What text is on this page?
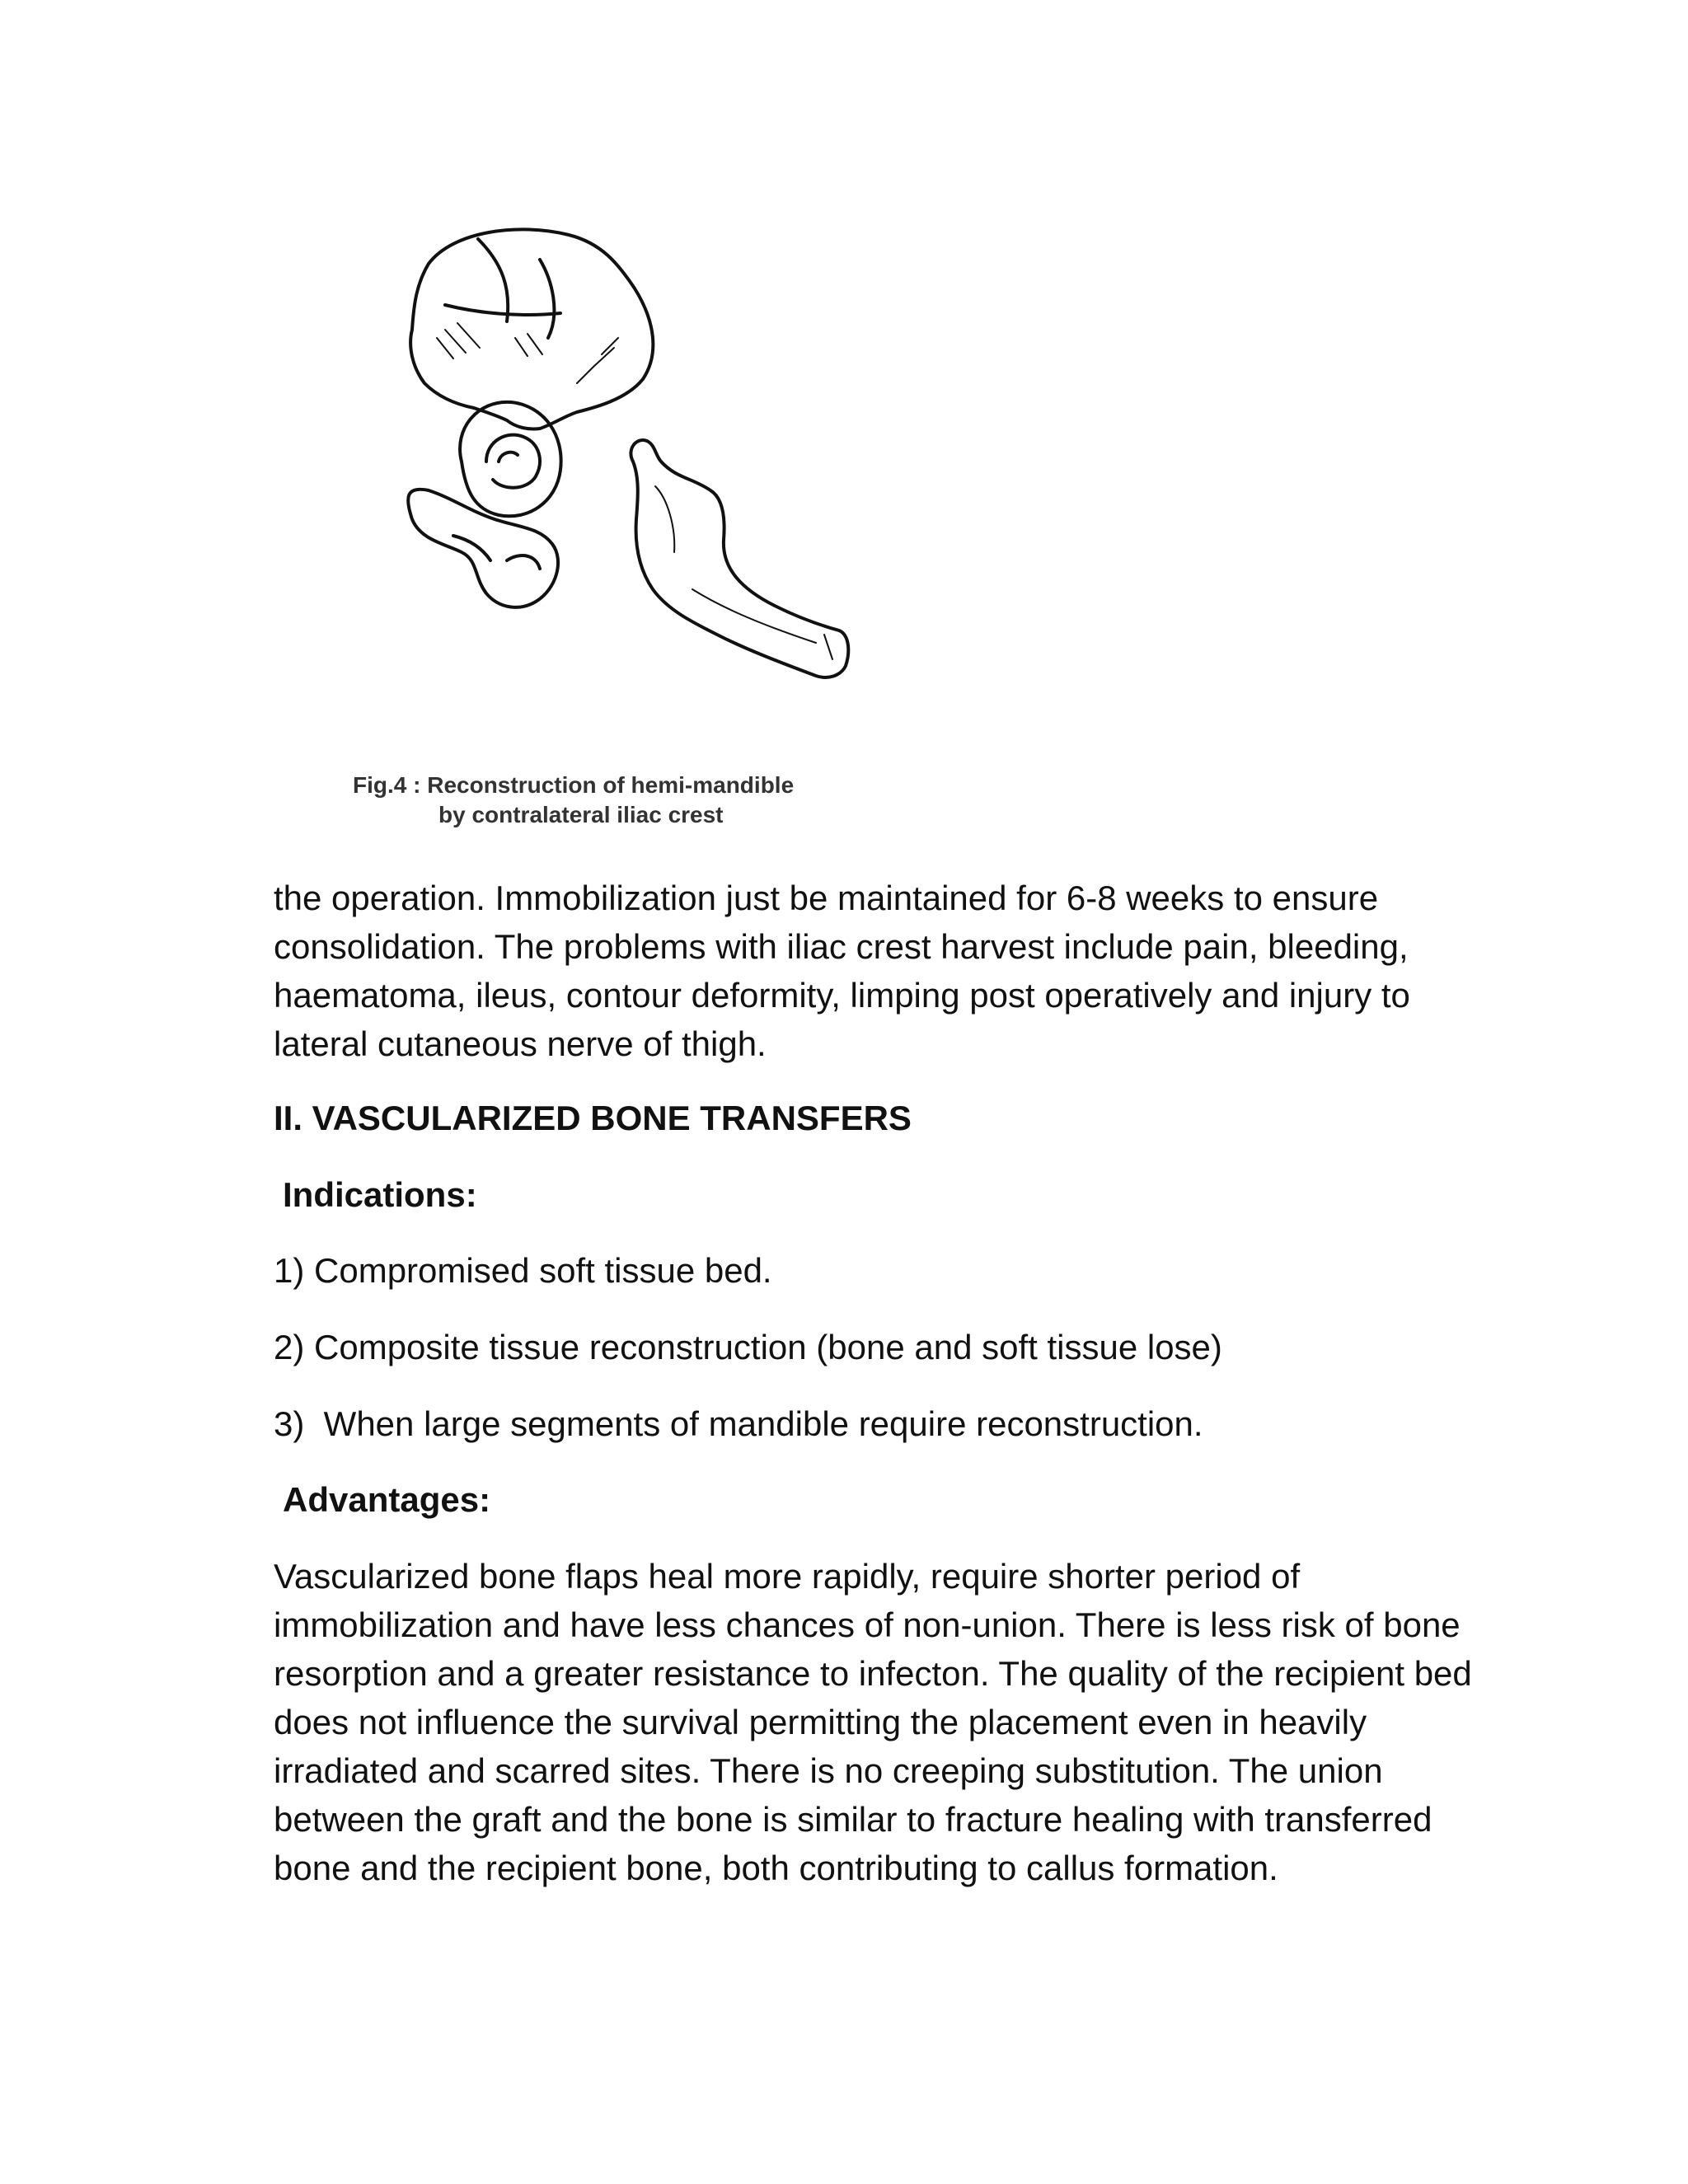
Fig.4 : Reconstruction of hemi-mandible
by contralateral iliac crest

the operation. Immobilization just be maintained for 6-8 weeks to ensure consolidation. The problems with iliac crest harvest include pain, bleeding, haematoma, ileus, contour deformity, limping post operatively and injury to lateral cutaneous nerve of thigh.

II. VASCULARIZED BONE TRANSFERS

Indications:

1) Compromised soft tissue bed.

2) Composite tissue reconstruction (bone and soft tissue lose)

3)  When large segments of mandible require reconstruction.

Advantages:

Vascularized bone flaps heal more rapidly, require shorter period of immobilization and have less chances of non-union. There is less risk of bone resorption and a greater resistance to infecton. The quality of the recipient bed does not influence the survival permitting the placement even in heavily irradiated and scarred sites. There is no creeping substitution. The union between the graft and the bone is similar to fracture healing with transferred bone and the recipient bone, both contributing to callus formation.
